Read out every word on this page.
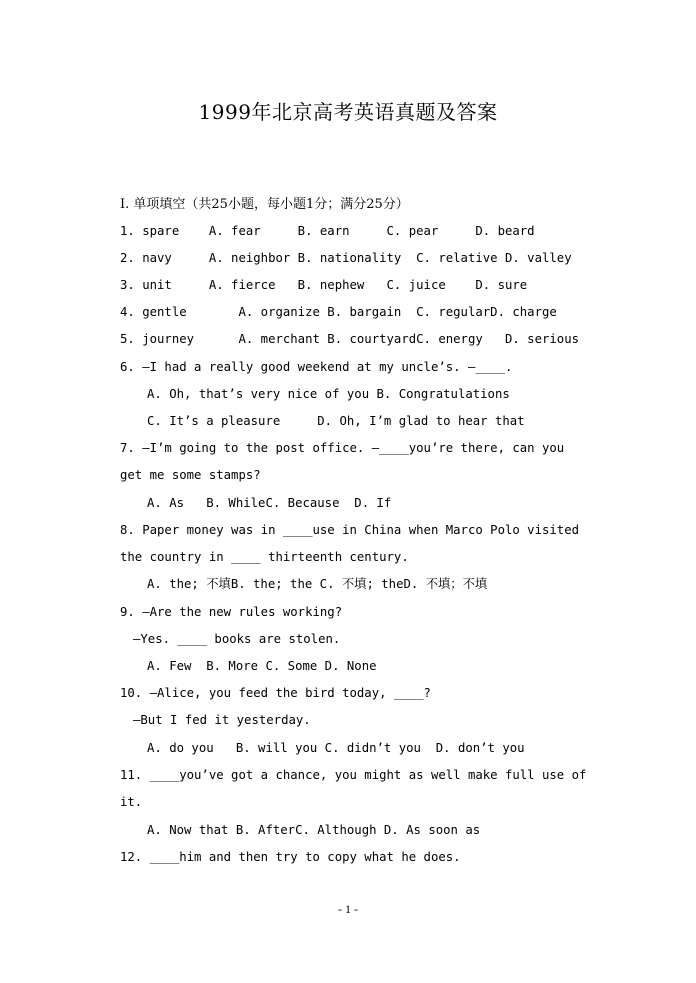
1999年北京高考英语真题及答案
I. 单项填空（共25小题，每小题1分；满分25分）
1. spare    A. fear     B. earn     C. pear     D. beard
2. navy     A. neighbor B. nationality  C. relative D. valley
3. unit     A. fierce   B. nephew   C. juice    D. sure
4. gentle       A. organize B. bargain  C. regularD. charge
5. journey      A. merchant B. courtyardC. energy   D. serious
6. —I had a really good weekend at my uncle’s. —____.
A. Oh, that’s very nice of you B. Congratulations
C. It’s a pleasure     D. Oh, I’m glad to hear that
7. —I’m going to the post office. —____you’re there, can you
get me some stamps?
A. As   B. WhileC. Because  D. If
8. Paper money was in ____use in China when Marco Polo visited
the country in ____ thirteenth century.
A. the; 不填B. the; the C. 不填; theD. 不填；不填
9. —Are the new rules working?
—Yes. ____ books are stolen.
A. Few  B. More C. Some D. None
10. —Alice, you feed the bird today, ____?
—But I fed it yesterday.
A. do you   B. will you C. didn’t you  D. don’t you
11. ____you’ve got a chance, you might as well make full use of
it.
A. Now that B. AfterC. Although D. As soon as
12. ____him and then try to copy what he does.
- 1 -
